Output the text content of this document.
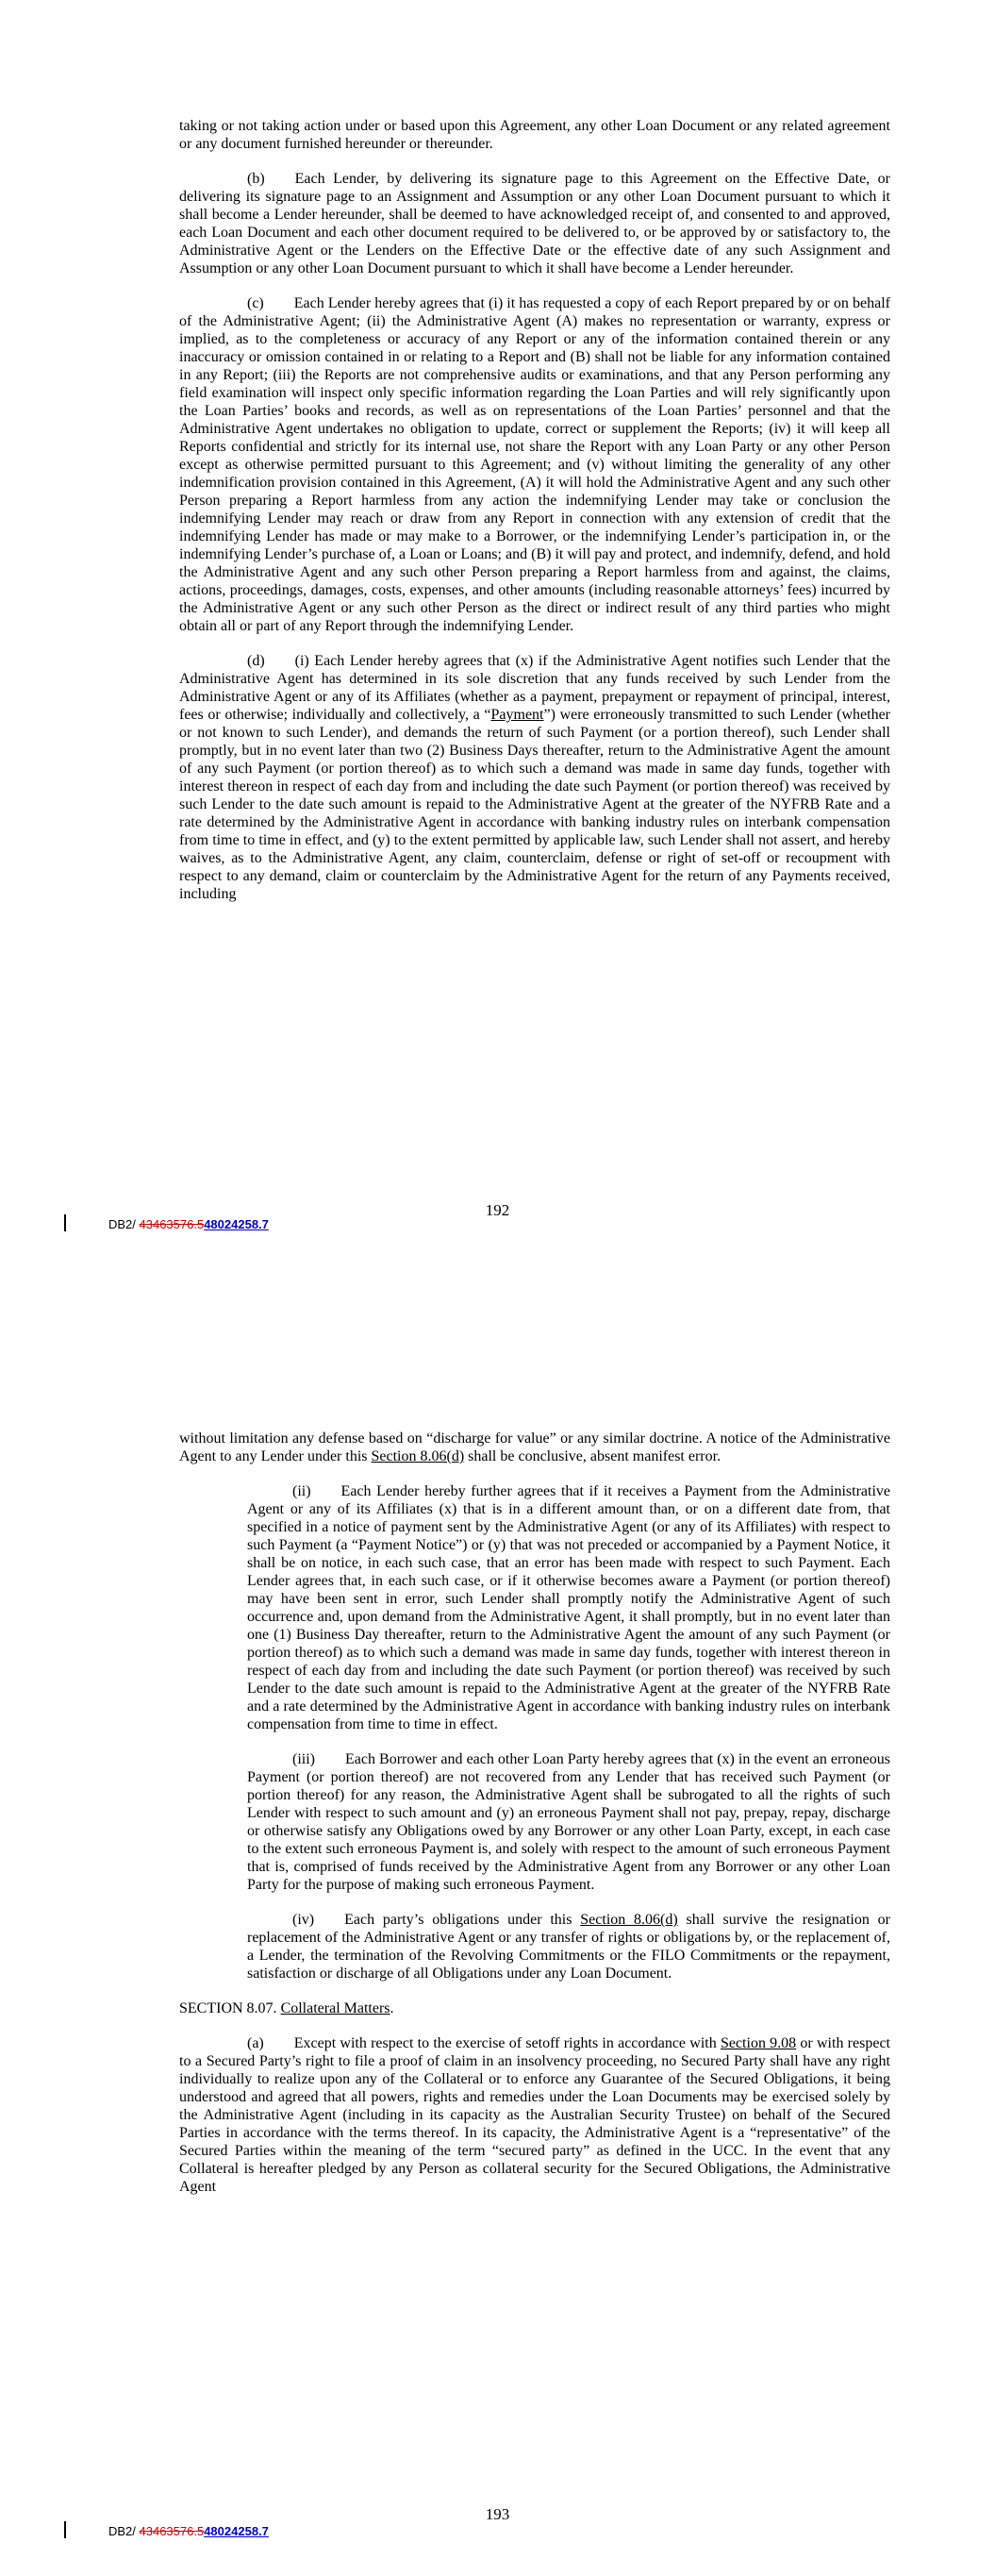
taking or not taking action under or based upon this Agreement, any other Loan Document or any related agreement or any document furnished hereunder or thereunder.

(b)  Each Lender, by delivering its signature page to this Agreement on the Effective Date, or delivering its signature page to an Assignment and Assumption or any other Loan Document pursuant to which it shall become a Lender hereunder, shall be deemed to have acknowledged receipt of, and consented to and approved, each Loan Document and each other document required to be delivered to, or be approved by or satisfactory to, the Administrative Agent or the Lenders on the Effective Date or the effective date of any such Assignment and Assumption or any other Loan Document pursuant to which it shall have become a Lender hereunder.

(c)  Each Lender hereby agrees that (i) it has requested a copy of each Report prepared by or on behalf of the Administrative Agent; (ii) the Administrative Agent (A) makes no representation or warranty, express or implied, as to the completeness or accuracy of any Report or any of the information contained therein or any inaccuracy or omission contained in or relating to a Report and (B) shall not be liable for any information contained in any Report; (iii) the Reports are not comprehensive audits or examinations, and that any Person performing any field examination will inspect only specific information regarding the Loan Parties and will rely significantly upon the Loan Parties’ books and records, as well as on representations of the Loan Parties’ personnel and that the Administrative Agent undertakes no obligation to update, correct or supplement the Reports; (iv) it will keep all Reports confidential and strictly for its internal use, not share the Report with any Loan Party or any other Person except as otherwise permitted pursuant to this Agreement; and (v) without limiting the generality of any other indemnification provision contained in this Agreement, (A) it will hold the Administrative Agent and any such other Person preparing a Report harmless from any action the indemnifying Lender may take or conclusion the indemnifying Lender may reach or draw from any Report in connection with any extension of credit that the indemnifying Lender has made or may make to a Borrower, or the indemnifying Lender’s participation in, or the indemnifying Lender’s purchase of, a Loan or Loans; and (B) it will pay and protect, and indemnify, defend, and hold the Administrative Agent and any such other Person preparing a Report harmless from and against, the claims, actions, proceedings, damages, costs, expenses, and other amounts (including reasonable attorneys’ fees) incurred by the Administrative Agent or any such other Person as the direct or indirect result of any third parties who might obtain all or part of any Report through the indemnifying Lender.

(d)  (i) Each Lender hereby agrees that (x) if the Administrative Agent notifies such Lender that the Administrative Agent has determined in its sole discretion that any funds received by such Lender from the Administrative Agent or any of its Affiliates (whether as a payment, prepayment or repayment of principal, interest, fees or otherwise; individually and collectively, a “Payment”) were erroneously transmitted to such Lender (whether or not known to such Lender), and demands the return of such Payment (or a portion thereof), such Lender shall promptly, but in no event later than two (2) Business Days thereafter, return to the Administrative Agent the amount of any such Payment (or portion thereof) as to which such a demand was made in same day funds, together with interest thereon in respect of each day from and including the date such Payment (or portion thereof) was received by such Lender to the date such amount is repaid to the Administrative Agent at the greater of the NYFRB Rate and a rate determined by the Administrative Agent in accordance with banking industry rules on interbank compensation from time to time in effect, and (y) to the extent permitted by applicable law, such Lender shall not assert, and hereby waives, as to the Administrative Agent, any claim, counterclaim, defense or right of set-off or recoupment with respect to any demand, claim or counterclaim by the Administrative Agent for the return of any Payments received, including

192
DB2/ 43463576.548024258.7

without limitation any defense based on “discharge for value” or any similar doctrine. A notice of the Administrative Agent to any Lender under this Section 8.06(d) shall be conclusive, absent manifest error.

(ii)  Each Lender hereby further agrees that if it receives a Payment from the Administrative Agent or any of its Affiliates (x) that is in a different amount than, or on a different date from, that specified in a notice of payment sent by the Administrative Agent (or any of its Affiliates) with respect to such Payment (a “Payment Notice”) or (y) that was not preceded or accompanied by a Payment Notice, it shall be on notice, in each such case, that an error has been made with respect to such Payment. Each Lender agrees that, in each such case, or if it otherwise becomes aware a Payment (or portion thereof) may have been sent in error, such Lender shall promptly notify the Administrative Agent of such occurrence and, upon demand from the Administrative Agent, it shall promptly, but in no event later than one (1) Business Day thereafter, return to the Administrative Agent the amount of any such Payment (or portion thereof) as to which such a demand was made in same day funds, together with interest thereon in respect of each day from and including the date such Payment (or portion thereof) was received by such Lender to the date such amount is repaid to the Administrative Agent at the greater of the NYFRB Rate and a rate determined by the Administrative Agent in accordance with banking industry rules on interbank compensation from time to time in effect.

(iii)  Each Borrower and each other Loan Party hereby agrees that (x) in the event an erroneous Payment (or portion thereof) are not recovered from any Lender that has received such Payment (or portion thereof) for any reason, the Administrative Agent shall be subrogated to all the rights of such Lender with respect to such amount and (y) an erroneous Payment shall not pay, prepay, repay, discharge or otherwise satisfy any Obligations owed by any Borrower or any other Loan Party, except, in each case to the extent such erroneous Payment is, and solely with respect to the amount of such erroneous Payment that is, comprised of funds received by the Administrative Agent from any Borrower or any other Loan Party for the purpose of making such erroneous Payment.

(iv)  Each party’s obligations under this Section 8.06(d) shall survive the resignation or replacement of the Administrative Agent or any transfer of rights or obligations by, or the replacement of, a Lender, the termination of the Revolving Commitments or the FILO Commitments or the repayment, satisfaction or discharge of all Obligations under any Loan Document.

SECTION 8.07. Collateral Matters.

(a)  Except with respect to the exercise of setoff rights in accordance with Section 9.08 or with respect to a Secured Party’s right to file a proof of claim in an insolvency proceeding, no Secured Party shall have any right individually to realize upon any of the Collateral or to enforce any Guarantee of the Secured Obligations, it being understood and agreed that all powers, rights and remedies under the Loan Documents may be exercised solely by the Administrative Agent (including in its capacity as the Australian Security Trustee) on behalf of the Secured Parties in accordance with the terms thereof. In its capacity, the Administrative Agent is a “representative” of the Secured Parties within the meaning of the term “secured party” as defined in the UCC. In the event that any Collateral is hereafter pledged by any Person as collateral security for the Secured Obligations, the Administrative Agent

193
DB2/ 43463576.548024258.7
